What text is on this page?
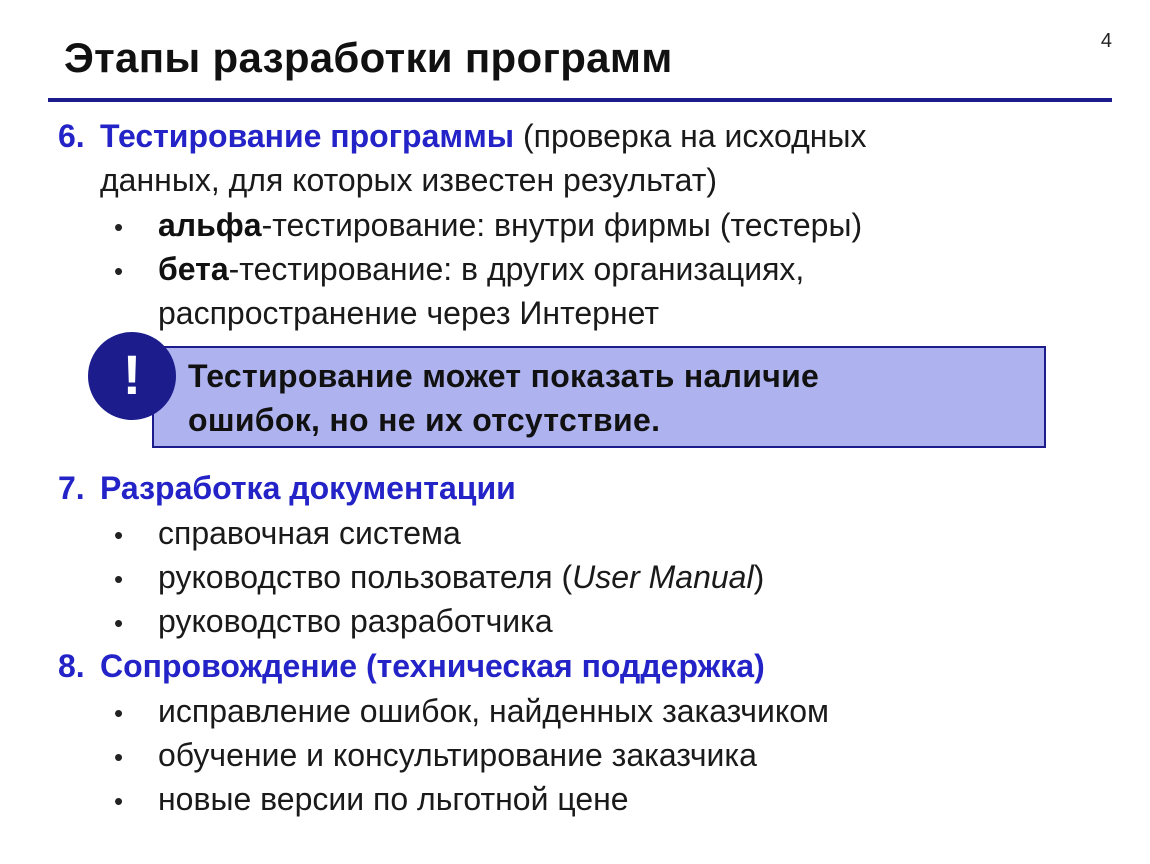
4
Этапы разработки программ
6. Тестирование программы (проверка на исходных
данных, для которых известен результат)
• альфа-тестирование: внутри фирмы (тестеры)
• бета-тестирование: в других организациях,
распространение через Интернет
!	Тестирование может показать наличие
ошибок, но не их отсутствие.
7. Разработка документации
• справочная система
• руководство пользователя (User Manual)
• руководство разработчика
8. Сопровождение (техническая поддержка)
• исправление ошибок, найденных заказчиком
• обучение и консультирование заказчика
• новые версии по льготной цене
